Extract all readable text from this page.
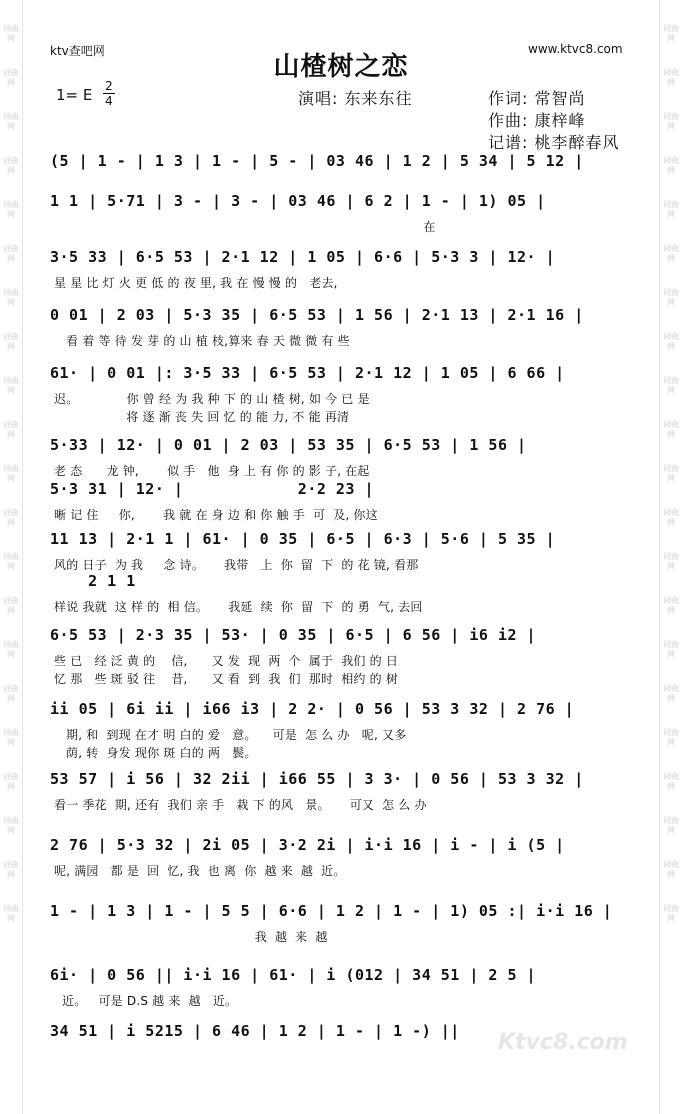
词曲网
词曲网
词曲网
词曲网
词曲网
词曲网
词曲网
词曲网
词曲网
词曲网
词曲网
词曲网
词曲网
词曲网
词曲网
词曲网
词曲网
词曲网
词曲网
词曲网
词曲网
词曲网
词曲网
词曲网
词曲网
词曲网
词曲网
词曲网
词曲网
词曲网
词曲网
词曲网
词曲网
词曲网
词曲网
词曲网
词曲网
词曲网
词曲网
词曲网
词曲网
词曲网
ktv查吧网	www.ktvc8.com
山楂树之恋
1= E 2
4	演唱: 东来东往	作词: 常智尚
作曲: 康梓峰
记谱: 桃李醉春风
(5 | 1 - | 1 3 | 1 - | 5 - | 03 46 | 1 2 | 5 34 | 5 12 |
1 1 | 5·71 | 3 - | 3 - | 03 46 | 6 2 | 1 - | 1) 05 |
在
3·5 33 | 6·5 53 | 2·1 12 | 1 05 | 6·6 | 5·3 3 | 12· |
星 星 比 灯 火 更 低 的 夜 里, 我 在 慢 慢 的   老去,
0 01 | 2 03 | 5·3 35 | 6·5 53 | 1 56 | 2·1 13 | 2·1 16 |
看 着 等 待 发 芽 的 山 植 枝,算来 春 天 微 微 有 些
61· | 0 01 |: 3·5 33 | 6·5 53 | 2·1 12 | 1 05 | 6 66 |
迟。            你 曾 经 为 我 种 下 的 山 楂 树, 如 今 已 是
将 逐 渐 丧 失 回 忆 的 能 力, 不 能 再清
5·33 | 12· | 0 01 | 2 03 | 53 35 | 6·5 53 | 1 56 |
老 态      龙 钟,       似 手   他  身 上 有 你 的 影 子, 在起
5·3 31 | 12· |            2·2 23 |
晰 记 住     你,       我 就 在 身 边 和 你 触 手  可  及, 你这
11 13 | 2·1 1 | 61· | 0 35 | 6·5 | 6·3 | 5·6 | 5 35 |
风的 日子  为 我     念 诗。     我带   上  你  留  下  的 花 镜, 看那
2 1 1
样说 我就  这 样 的  相 信。     我延  续  你  留  下  的 勇  气, 去回
6·5 53 | 2·3 35 | 53· | 0 35 | 6·5 | 6 56 | i6 i2 |
些 已   经 泛 黄 的    信,      又 发  现  两  个  属于  我们 的 日
忆 那   些 斑 驳 往    昔,      又 看  到  我  们  那时  相约 的 树
ii 05 | 6i ii | i66 i3 | 2 2· | 0 56 | 53 3 32 | 2 76 |
期, 和  到现 在才 明 白的 爱   意。    可是  怎 么 办   呢, 又多
荫, 转  身发 现你 斑 白的 两   鬓。
53 57 | i 56 | 32 2ii | i66 55 | 3 3· | 0 56 | 53 3 32 |
看一 季花  期, 还有  我们 亲 手   栽 下 的风   景。     可又  怎 么 办
2 76 | 5·3 32 | 2i 05 | 3·2 2i | i·i 16 | i - | i (5 |
呢, 满园   都 是  回  忆, 我  也 离  你  越 来  越  近。
1 - | 1 3 | 1 - | 5 5 | 6·6 | 1 2 | 1 - | 1) 05 :| i·i 16 |
我  越  来  越
6i· | 0 56 || i·i 16 | 61· | i (012 | 34 51 | 2 5 |
近。   可是 D.S 越 来  越   近。
34 51 | i 5215 | 6 46 | 1 2 | 1 - | 1 -) ||	Ktvc8.com
